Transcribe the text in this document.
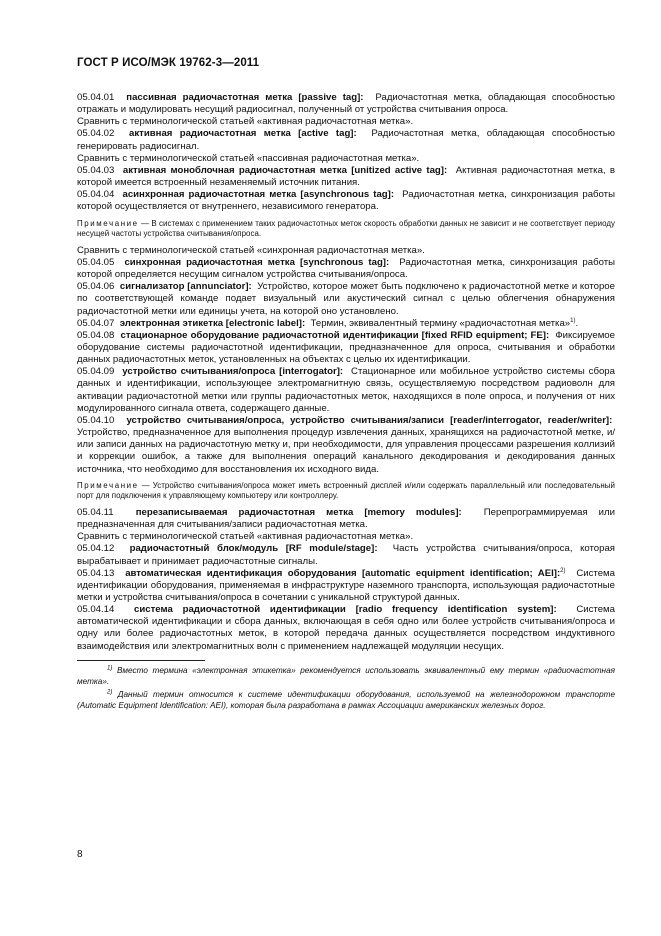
ГОСТ Р ИСО/МЭК 19762-3—2011

05.04.01 пассивная радиочастотная метка [passive tag]: Радиочастотная метка, обладающая способностью отражать и модулировать несущий радиосигнал, полученный от устройства считывания опроса.

Сравнить с терминологической статьей «активная радиочастотная метка».

05.04.02 активная радиочастотная метка [active tag]: Радиочастотная метка, обладающая способностью генерировать радиосигнал.

Сравнить с терминологической статьей «пассивная радиочастотная метка».

05.04.03 активная моноблочная радиочастотная метка [unitized active tag]: Активная радиочастотная метка, в которой имеется встроенный незаменяемый источник питания.

05.04.04 асинхронная радиочастотная метка [asynchronous tag]: Радиочастотная метка, синхронизация работы которой осуществляется от внутреннего, независимого генератора.

Примечание — В системах с применением таких радиочастотных меток скорость обработки данных не зависит и не соответствует периоду несущей частоты устройства считывания/опроса.

Сравнить с терминологической статьей «синхронная радиочастотная метка».

05.04.05 синхронная радиочастотная метка [synchronous tag]: Радиочастотная метка, синхронизация работы которой определяется несущим сигналом устройства считывания/опроса.

05.04.06 сигнализатор [annunciator]: Устройство, которое может быть подключено к радиочастотной метке и которое по соответствующей команде подает визуальный или акустический сигнал с целью облегчения обнаружения радиочастотной метки или единицы учета, на которой оно установлено.

05.04.07 электронная этикетка [electronic label]: Термин, эквивалентный термину «радиочастотная метка»$^{1)}$.

05.04.08 стационарное оборудование радиочастотной идентификации [fixed RFID equipment; FE]: Фиксируемое оборудование системы радиочастотной идентификации, предназначенное для опроса, считывания и обработки данных радиочастотных меток, установленных на объектах с целью их идентификации.

05.04.09 устройство считывания/опроса [interrogator]: Стационарное или мобильное устройство системы сбора данных и идентификации, использующее электромагнитную связь, осуществляемую посредством радиоволн для активации радиочастотной метки или группы радиочастотных меток, находящихся в поле опроса, и получения от них модулированного сигнала ответа, содержащего данные.

05.04.10 устройство считывания/опроса, устройство считывания/записи [reader/interrogator, reader/writer]:  Устройство, предназначенное для выполнения процедур извлечения данных, хранящихся на радиочастотной метке, и/или записи данных на радиочастотную метку и, при необходимости, для управления процессами разрешения коллизий и коррекции ошибок, а также для выполнения операций канального декодирования и декодирования данных источника, что необходимо для восстановления их исходного вида.

Примечание — Устройство считывания/опроса может иметь встроенный дисплей и/или содержать параллельный или последовательный порт для подключения к управляющему компьютеру или контроллеру.

05.04.11 перезаписываемая радиочастотная метка [memory modules]: Перепрограммируемая или предназначенная для считывания/записи радиочастотная метка.

Сравнить с терминологической статьей «активная радиочастотная метка».

05.04.12 радиочастотный блок/модуль [RF module/stage]: Часть устройства считывания/опроса, которая вырабатывает и принимает радиочастотные сигналы.

05.04.13 автоматическая идентификация оборудования [automatic equipment identification; AEI]:$^{2)}$ Система идентификации оборудования, применяемая в инфраструктуре наземного транспорта, использующая радиочастотные метки и устройства считывания/опроса в сочетании с уникальной структурой данных.

05.04.14 система радиочастотной идентификации [radio frequency identification system]: Система автоматической идентификации и сбора данных, включающая в себя одно или более устройств считывания/опроса и одну или более радиочастотных меток, в которой передача данных осуществляется посредством индуктивного взаимодействия или электромагнитных волн с применением надлежащей модуляции несущих.

$^{1)}$ Вместо термина «электронная этикетка» рекомендуется использовать эквивалентный ему термин «радиочастотная метка».

$^{2)}$ Данный термин относится к системе идентификации оборудования, используемой на железнодорожном транспорте (Automatic Equipment Identification: AEI), которая была разработана в рамках Ассоциации американских железных дорог.

8
